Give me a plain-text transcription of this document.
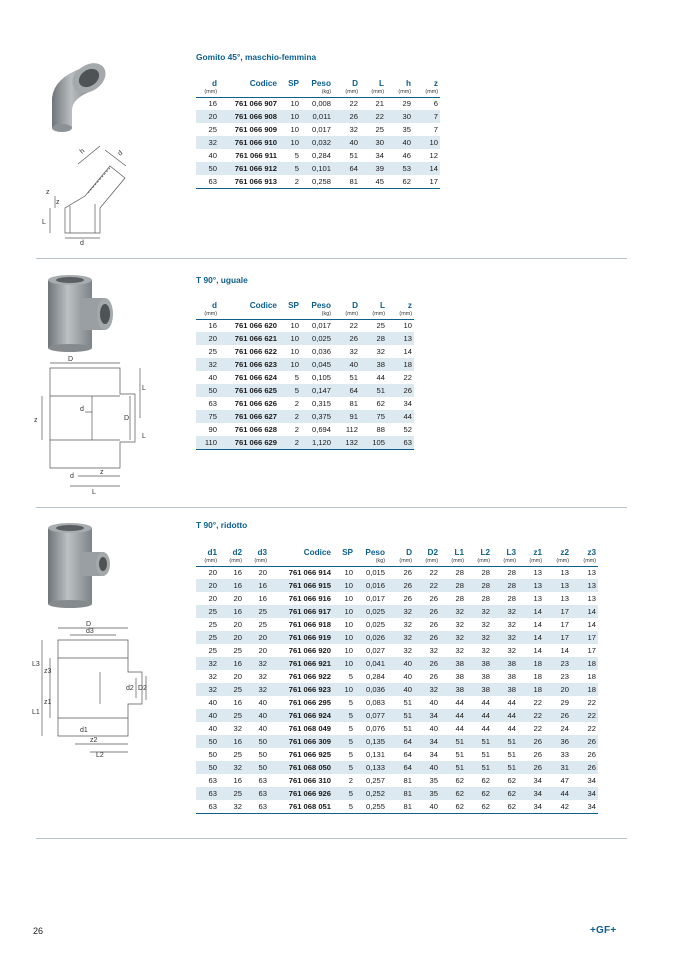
h	d
z
z
L
d
Gomito 45°, maschio-femmina
d	Codice	SP	Peso	D	L	h	z
(mm)			(kg)	(mm)	(mm)	(mm)	(mm)
16	761 066 907	10	0,008	22	21	29	6
20	761 066 908	10	0,011	26	22	30	7
25	761 066 909	10	0,017	32	25	35	7
32	761 066 910	10	0,032	40	30	40	10
40	761 066 911	5	0,284	51	34	46	12
50	761 066 912	5	0,101	64	39	53	14
63	761 066 913	2	0,258	81	45	62	17
D
L
d
D
z
L
d
z
L
T 90°, uguale
d	Codice	SP	Peso	D	L	z
(mm)			(kg)	(mm)	(mm)	(mm)
16	761 066 620	10	0,017	22	25	10
20	761 066 621	10	0,025	26	28	13
25	761 066 622	10	0,036	32	32	14
32	761 066 623	10	0,045	40	38	18
40	761 066 624	5	0,105	51	44	22
50	761 066 625	5	0,147	64	51	26
63	761 066 626	2	0,315	81	62	34
75	761 066 627	2	0,375	91	75	44
90	761 066 628	2	0,694	112	88	52
110	761 066 629	2	1,120	132	105	63
D
d3
L3
z3
z1
d2 D2
L1
d1
z2
L2
T 90°, ridotto
d1	d2	d3	Codice	SP	Peso	D	D2	L1	L2	L3	z1	z2	z3
(mm)	(mm)	(mm)			(kg)	(mm)	(mm)	(mm)	(mm)	(mm)	(mm)	(mm)	(mm)
20	16	20	761 066 914	10	0,015	26	22	28	28	28	13	13	13
20	16	16	761 066 915	10	0,016	26	22	28	28	28	13	13	13
20	20	16	761 066 916	10	0,017	26	26	28	28	28	13	13	13
25	16	25	761 066 917	10	0,025	32	26	32	32	32	14	17	14
25	20	25	761 066 918	10	0,025	32	26	32	32	32	14	17	14
25	20	20	761 066 919	10	0,026	32	26	32	32	32	14	17	17
25	25	20	761 066 920	10	0,027	32	32	32	32	32	14	14	17
32	16	32	761 066 921	10	0,041	40	26	38	38	38	18	23	18
32	20	32	761 066 922	5	0,284	40	26	38	38	38	18	23	18
32	25	32	761 066 923	10	0,036	40	32	38	38	38	18	20	18
40	16	40	761 066 295	5	0,083	51	40	44	44	44	22	29	22
40	25	40	761 066 924	5	0,077	51	34	44	44	44	22	26	22
40	32	40	761 068 049	5	0,076	51	40	44	44	44	22	24	22
50	16	50	761 066 309	5	0,135	64	34	51	51	51	26	36	26
50	25	50	761 066 925	5	0,131	64	34	51	51	51	26	33	26
50	32	50	761 068 050	5	0,133	64	40	51	51	51	26	31	26
63	16	63	761 066 310	2	0,257	81	35	62	62	62	34	47	34
63	25	63	761 066 926	5	0,252	81	35	62	62	62	34	44	34
63	32	63	761 068 051	5	0,255	81	40	62	62	62	34	42	34
26	+GF+
